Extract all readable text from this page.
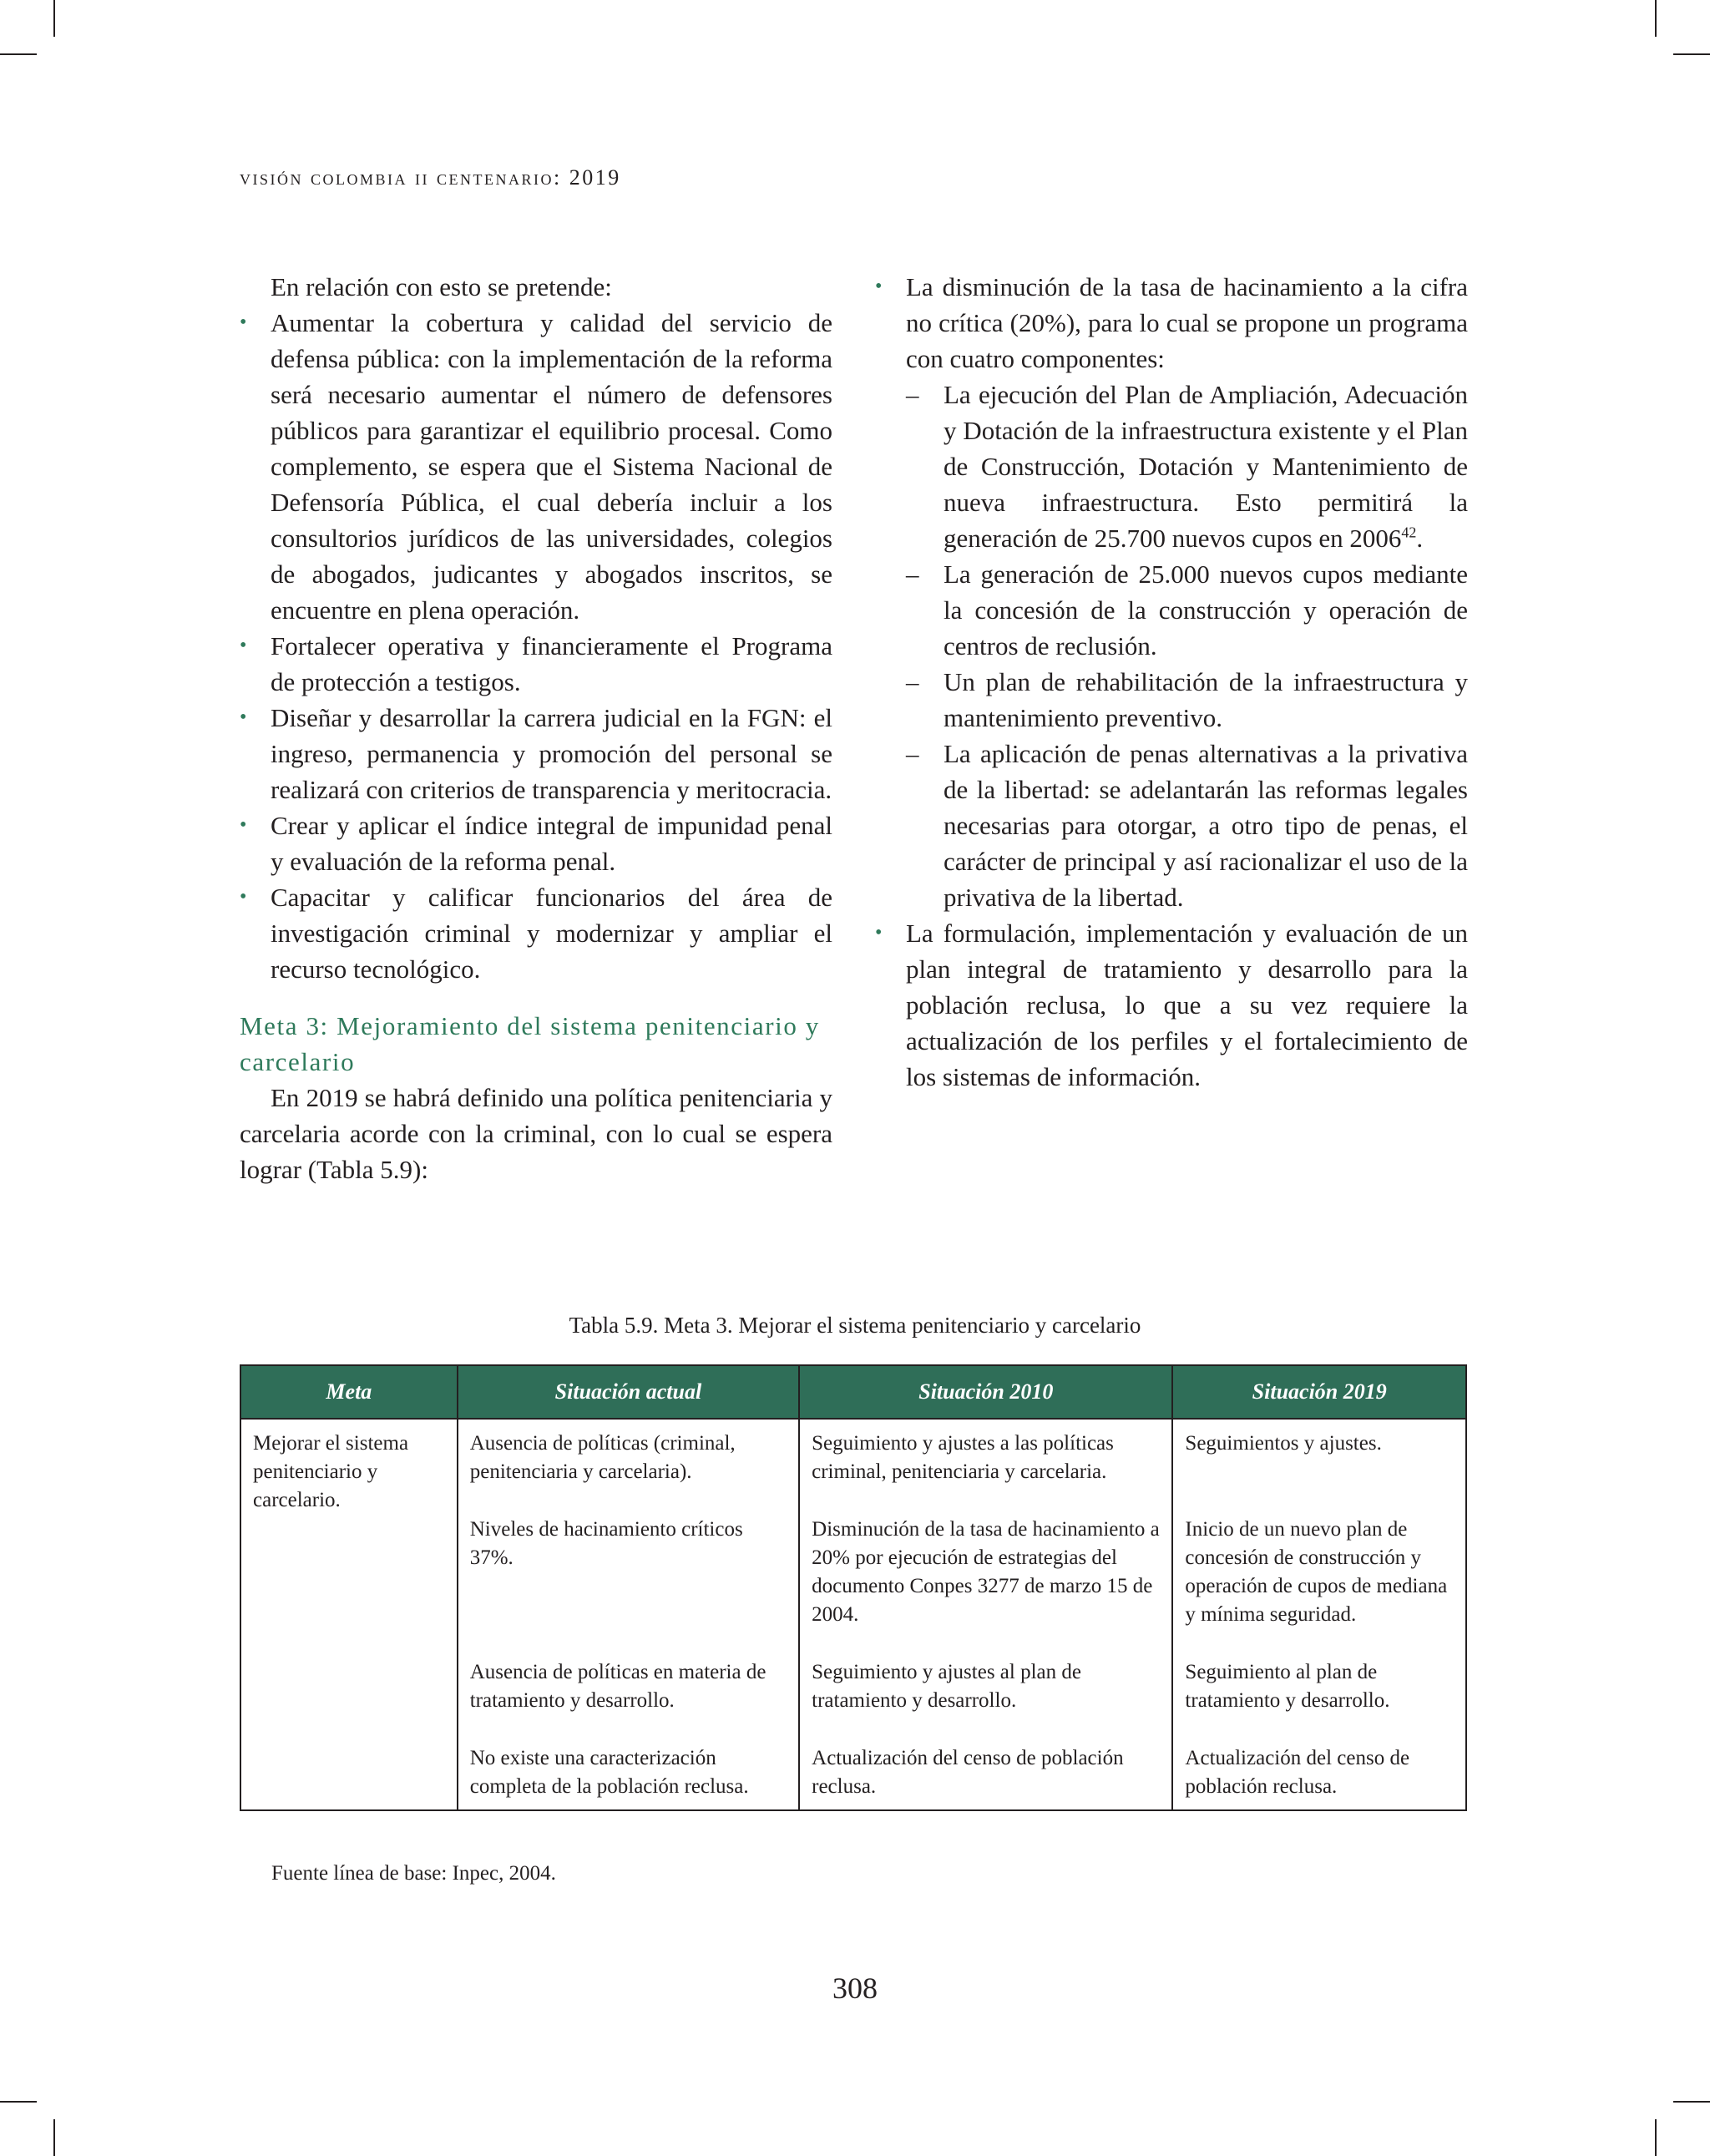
visión colombia ii centenario: 2019

En relación con esto se pretende:

• Aumentar la cobertura y calidad del servicio de defensa pública: con la implementación de la reforma será necesario aumentar el número de defensores públicos para garantizar el equilibrio procesal. Como complemento, se espera que el Sistema Nacional de Defensoría Pública, el cual debería incluir a los consultorios jurídicos de las universidades, colegios de abogados, judicantes y abogados inscritos, se encuentre en plena operación.
• Fortalecer operativa y financieramente el Programa de protección a testigos.
• Diseñar y desarrollar la carrera judicial en la FGN: el ingreso, permanencia y promoción del personal se realizará con criterios de transparencia y meritocracia.
• Crear y aplicar el índice integral de impunidad penal y evaluación de la reforma penal.
• Capacitar y calificar funcionarios del área de investigación criminal y modernizar y ampliar el recurso tecnológico.

Meta 3: Mejoramiento del sistema penitenciario y carcelario

En 2019 se habrá definido una política penitenciaria y carcelaria acorde con la criminal, con lo cual se espera lograr (Tabla 5.9):

• La disminución de la tasa de hacinamiento a la cifra no crítica (20%), para lo cual se propone un programa con cuatro componentes:
– La ejecución del Plan de Ampliación, Adecuación y Dotación de la infraestructura existente y el Plan de Construcción, Dotación y Mantenimiento de nueva infraestructura. Esto permitirá la generación de 25.700 nuevos cupos en 2006$^{42}$.
– La generación de 25.000 nuevos cupos mediante la concesión de la construcción y operación de centros de reclusión.
– Un plan de rehabilitación de la infraestructura y mantenimiento preventivo.
– La aplicación de penas alternativas a la privativa de la libertad: se adelantarán las reformas legales necesarias para otorgar, a otro tipo de penas, el carácter de principal y así racionalizar el uso de la privativa de la libertad.
• La formulación, implementación y evaluación de un plan integral de tratamiento y desarrollo para la población reclusa, lo que a su vez requiere la actualización de los perfiles y el fortalecimiento de los sistemas de información.
Tabla 5.9. Meta 3. Mejorar el sistema penitenciario y carcelario
Meta	Situación actual	Situación 2010	Situación 2019
Mejorar el sistema penitenciario y carcelario.	Ausencia de políticas (criminal, penitenciaria y carcelaria).	Seguimiento y ajustes a las políticas criminal, penitenciaria y carcelaria.	Seguimientos y ajustes.
	Niveles de hacinamiento críticos 37%.	Disminución de la tasa de hacinamiento a 20% por ejecución de estrategias del documento Conpes 3277 de marzo 15 de 2004.	Inicio de un nuevo plan de concesión de construcción y operación de cupos de mediana y mínima seguridad.
	Ausencia de políticas en materia de tratamiento y desarrollo.	Seguimiento y ajustes al plan de tratamiento y desarrollo.	Seguimiento al plan de tratamiento y desarrollo.
	No existe una caracterización completa de la población reclusa.	Actualización del censo de población reclusa.	Actualización del censo de población reclusa.
Fuente línea de base: Inpec, 2004.
308
